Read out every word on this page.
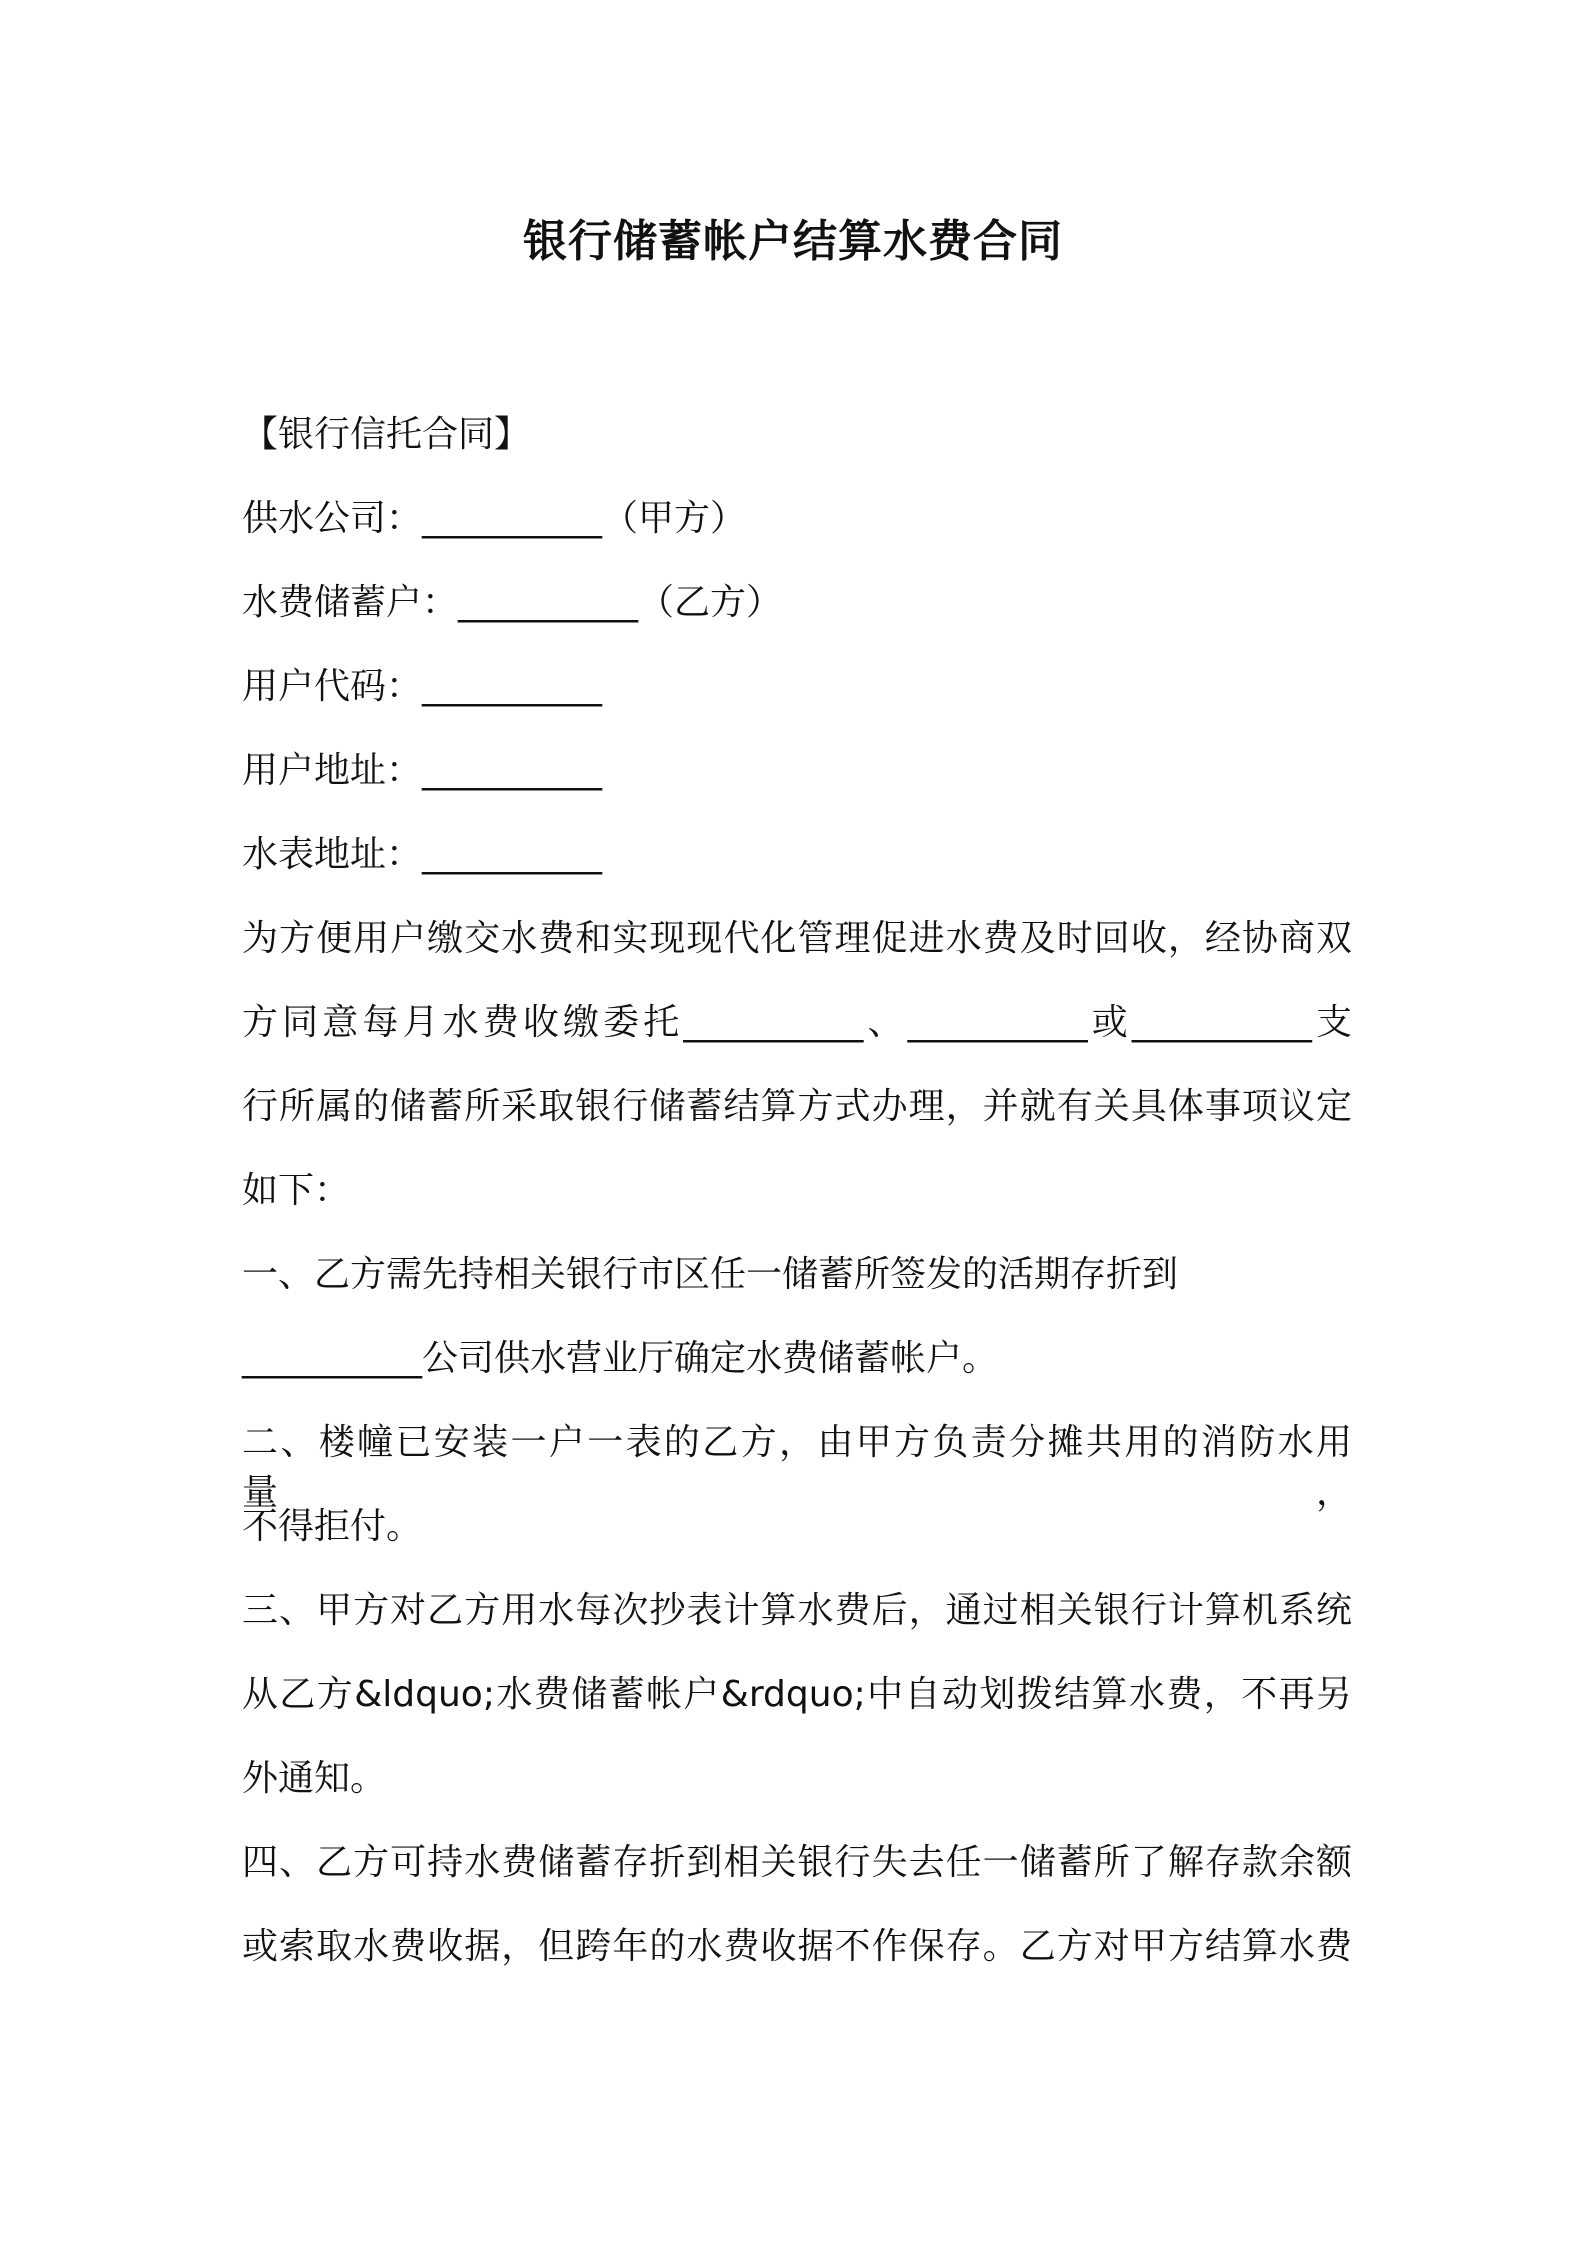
银行储蓄帐户结算水费合同
【银行信托合同】
供水公司：__________（甲方）
水费储蓄户：__________（乙方）
用户代码：__________
用户地址：__________
水表地址：__________
为方便用户缴交水费和实现现代化管理促进水费及时回收，经协商双
方同意每月水费收缴委托__________、__________或__________支
行所属的储蓄所采取银行储蓄结算方式办理，并就有关具体事项议定
如下：
一、乙方需先持相关银行市区任一储蓄所签发的活期存折到
__________公司供水营业厅确定水费储蓄帐户。
二、楼幢已安装一户一表的乙方，由甲方负责分摊共用的消防水用量，
不得拒付。
三、甲方对乙方用水每次抄表计算水费后，通过相关银行计算机系统
从乙方&ldquo;水费储蓄帐户&rdquo;中自动划拨结算水费，不再另
外通知。
四、乙方可持水费储蓄存折到相关银行失去任一储蓄所了解存款余额
或索取水费收据，但跨年的水费收据不作保存。乙方对甲方结算水费
